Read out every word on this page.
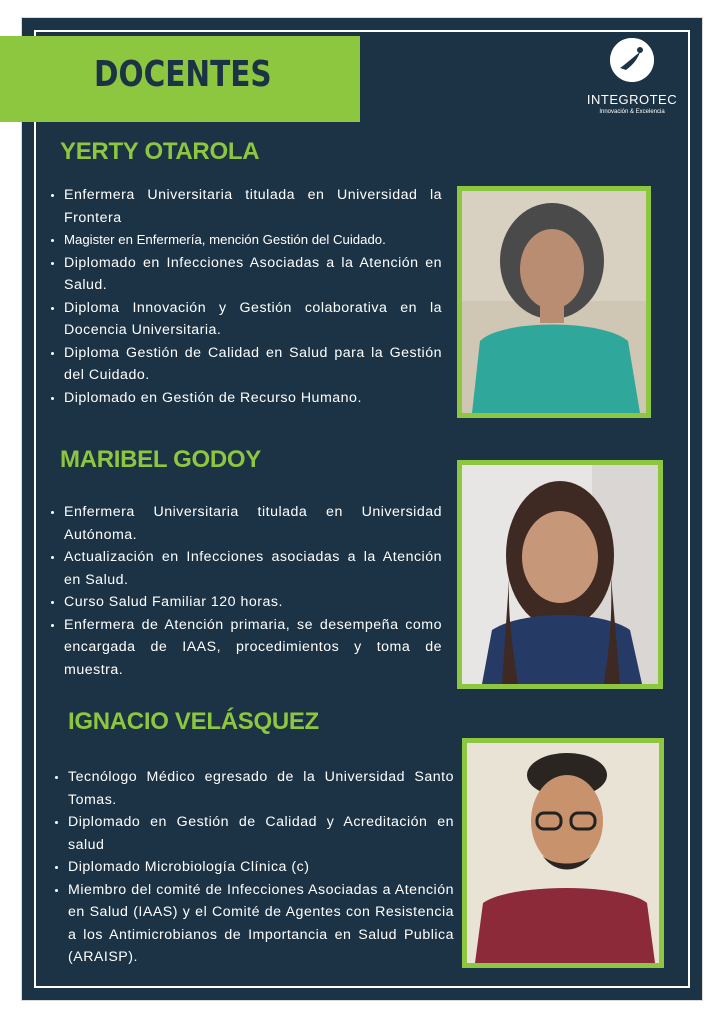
DOCENTES
INTEGROTEC
Innovación & Excelencia
YERTY OTAROLA
• Enfermera Universitaria titulada en Universidad la Frontera
• Magister en Enfermería, mención Gestión del Cuidado.
• Diplomado en Infecciones Asociadas a la Atención en Salud.
• Diploma Innovación y Gestión colaborativa en la Docencia Universitaria.
• Diploma Gestión de Calidad en Salud para la Gestión del Cuidado.
• Diplomado en Gestión de Recurso Humano.
MARIBEL GODOY
• Enfermera Universitaria titulada en Universidad Autónoma.
• Actualización en Infecciones asociadas a la Atención en Salud.
• Curso Salud Familiar 120 horas.
• Enfermera de Atención primaria, se desempeña como encargada de IAAS, procedimientos y toma de muestra.
IGNACIO VELÁSQUEZ
• Tecnólogo Médico egresado de la Universidad Santo Tomas.
• Diplomado en Gestión de Calidad y Acreditación en salud
• Diplomado Microbiología Clínica (c)
• Miembro del comité de Infecciones Asociadas a Atención en Salud (IAAS) y el Comité de Agentes con Resistencia a los Antimicrobianos de Importancia en Salud Publica (ARAISP).
